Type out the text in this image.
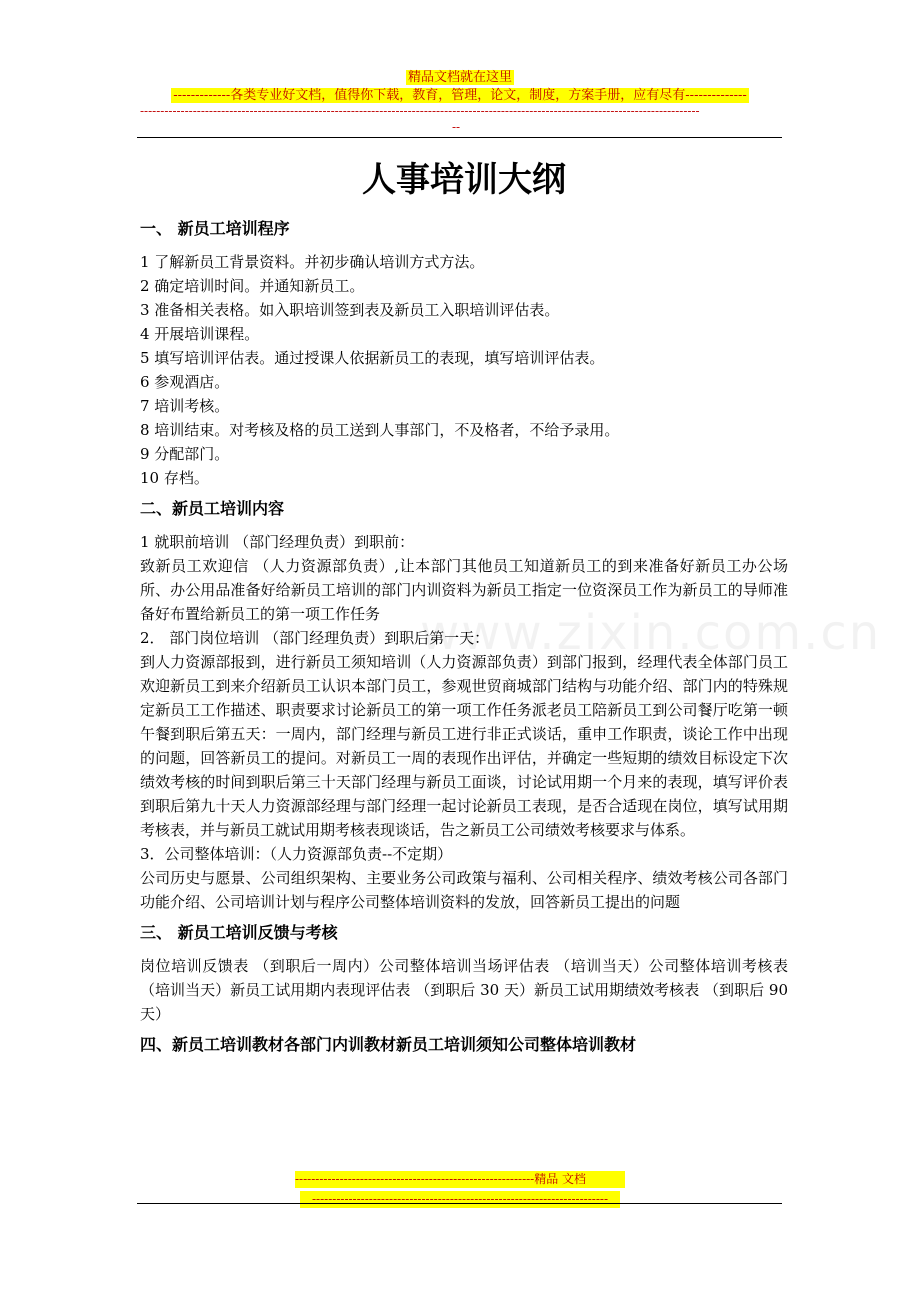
精品文档就在这里
-------------各类专业好文档，值得你下载，教育，管理，论文，制度，方案手册，应有尽有--------------
------------------------------------------------------------------------------------------------------------------------------------------
--
www.zixin.com.cn
人事培训大纲
一、 新员工培训程序

1 了解新员工背景资料。并初步确认培训方式方法。

2 确定培训时间。并通知新员工。

3 准备相关表格。如入职培训签到表及新员工入职培训评估表。

4 开展培训课程。

5 填写培训评估表。通过授课人依据新员工的表现，填写培训评估表。

6 参观酒店。

7 培训考核。

8 培训结束。对考核及格的员工送到人事部门，不及格者，不给予录用。

9 分配部门。

10 存档。

二、新员工培训内容

1 就职前培训 （部门经理负责）到职前：

致新员工欢迎信 （人力资源部负责）,让本部门其他员工知道新员工的到来准备好新员工办公场所、办公用品准备好给新员工培训的部门内训资料为新员工指定一位资深员工作为新员工的导师准备好布置给新员工的第一项工作任务

2． 部门岗位培训 （部门经理负责）到职后第一天：

到人力资源部报到，进行新员工须知培训（人力资源部负责）到部门报到，经理代表全体部门员工欢迎新员工到来介绍新员工认识本部门员工，参观世贸商城部门结构与功能介绍、部门内的特殊规定新员工工作描述、职责要求讨论新员工的第一项工作任务派老员工陪新员工到公司餐厅吃第一顿午餐到职后第五天：一周内，部门经理与新员工进行非正式谈话，重申工作职责，谈论工作中出现的问题，回答新员工的提问。对新员工一周的表现作出评估，并确定一些短期的绩效目标设定下次绩效考核的时间到职后第三十天部门经理与新员工面谈，讨论试用期一个月来的表现，填写评价表到职后第九十天人力资源部经理与部门经理一起讨论新员工表现，是否合适现在岗位，填写试用期考核表，并与新员工就试用期考核表现谈话，告之新员工公司绩效考核要求与体系。

3．公司整体培训：（人力资源部负责--不定期）

公司历史与愿景、公司组织架构、主要业务公司政策与福利、公司相关程序、绩效考核公司各部门功能介绍、公司培训计划与程序公司整体培训资料的发放，回答新员工提出的问题

三、 新员工培训反馈与考核

岗位培训反馈表 （到职后一周内）公司整体培训当场评估表 （培训当天）公司整体培训考核表 （培训当天）新员工试用期内表现评估表 （到职后 30 天）新员工试用期绩效考核表 （到职后 90 天）

四、新员工培训教材各部门内训教材新员工培训须知公司整体培训教材
-----------------------------------------------------------精品 文档
-------------------------------------------------------------------------
